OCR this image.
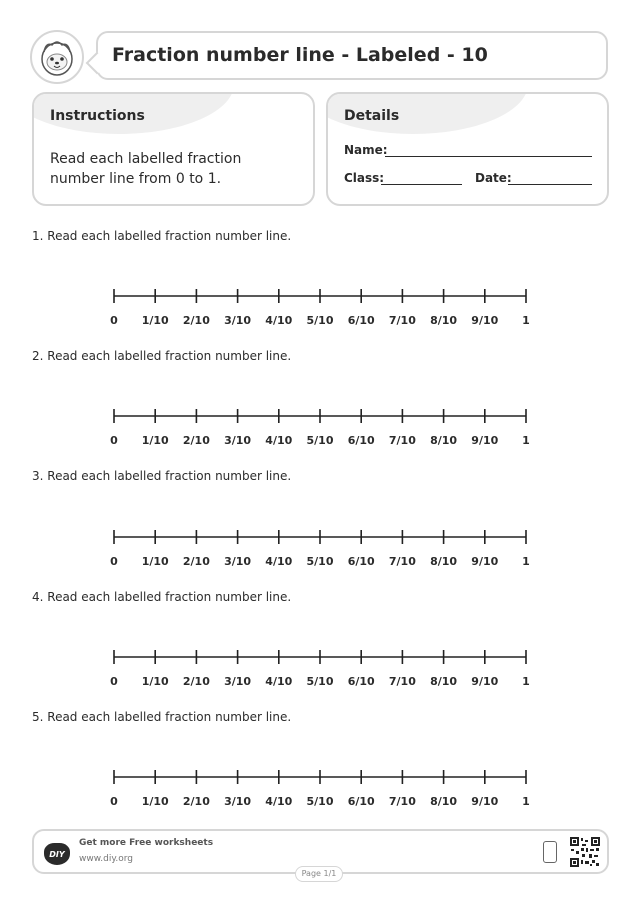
Fraction number line - Labeled - 10
Instructions
Read each labelled fraction number line from 0 to 1.
Details
Name:
Class:	Date:
1. Read each labelled fraction number line.
0	1/10	2/10	3/10	4/10	5/10	6/10	7/10	8/10	9/10	1
2. Read each labelled fraction number line.
0	1/10	2/10	3/10	4/10	5/10	6/10	7/10	8/10	9/10	1
3. Read each labelled fraction number line.
0	1/10	2/10	3/10	4/10	5/10	6/10	7/10	8/10	9/10	1
4. Read each labelled fraction number line.
0	1/10	2/10	3/10	4/10	5/10	6/10	7/10	8/10	9/10	1
5. Read each labelled fraction number line.
0	1/10	2/10	3/10	4/10	5/10	6/10	7/10	8/10	9/10	1
DIY
Get more Free worksheets
www.diy.org
Page 1/1
